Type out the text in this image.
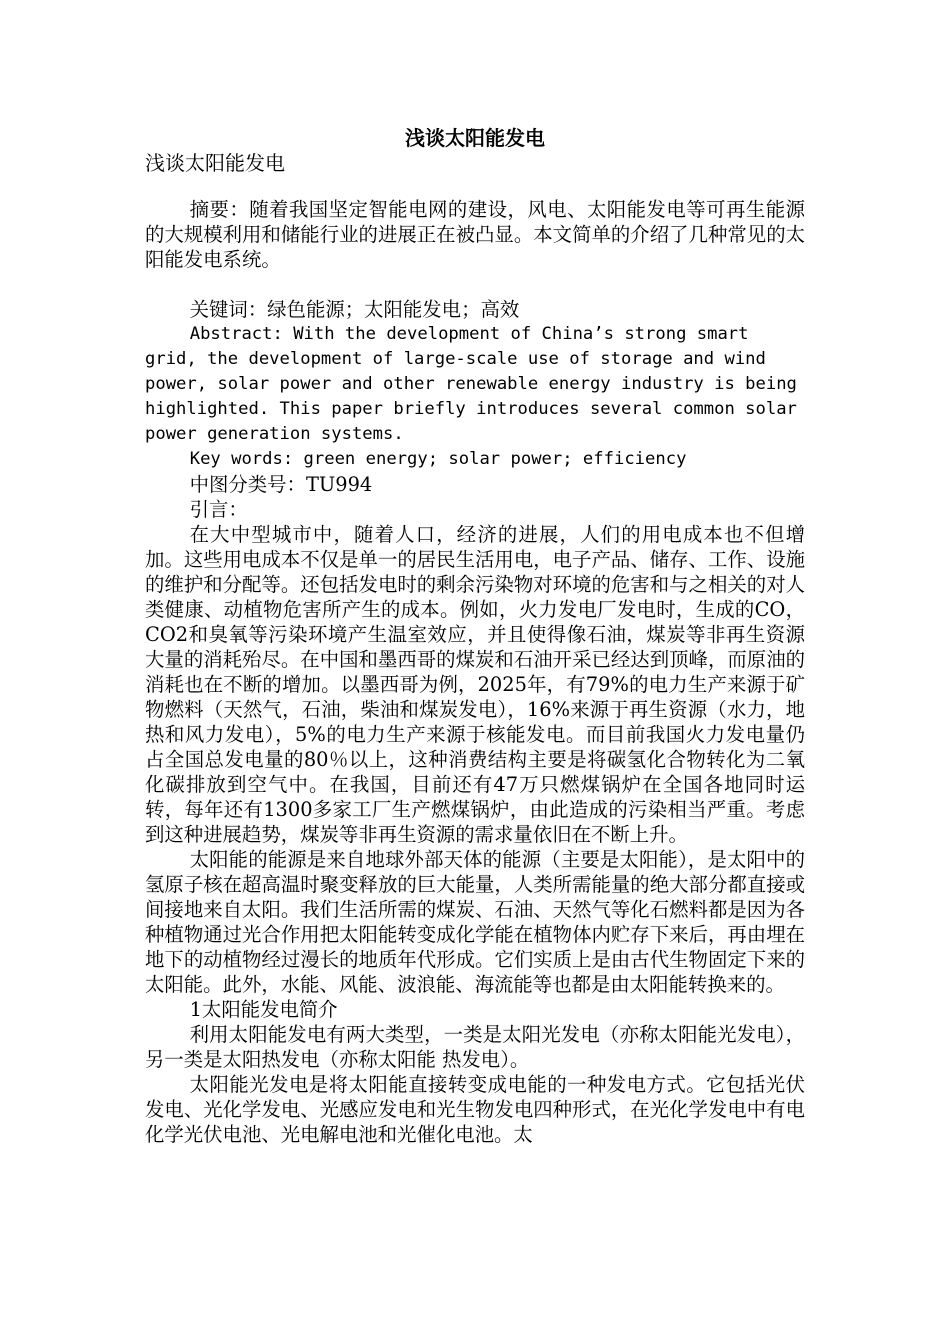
浅谈太阳能发电

浅谈太阳能发电

摘要：随着我国坚定智能电网的建设，风电、太阳能发电等可再生能源的大规模利用和储能行业的进展正在被凸显。本文简单的介绍了几种常见的太阳能发电系统。

关键词：绿色能源；太阳能发电；高效

Abstract: With the development of China’s strong smart grid, the development of large-scale use of storage and wind power, solar power and other renewable energy industry is being highlighted. This paper briefly introduces several common solar power generation systems.

Key words: green energy; solar power; efficiency

中图分类号：TU994

引言：

在大中型城市中，随着人口，经济的进展，人们的用电成本也不但增加。这些用电成本不仅是单一的居民生活用电，电子产品、储存、工作、设施的维护和分配等。还包括发电时的剩余污染物对环境的危害和与之相关的对人类健康、动植物危害所产生的成本。例如，火力发电厂发电时，生成的CO，CO2和臭氧等污染环境产生温室效应，并且使得像石油，煤炭等非再生资源大量的消耗殆尽。在中国和墨西哥的煤炭和石油开采已经达到顶峰，而原油的消耗也在不断的增加。以墨西哥为例，2025年，有79%的电力生产来源于矿物燃料（天然气，石油，柴油和煤炭发电），16%来源于再生资源（水力，地热和风力发电），5%的电力生产来源于核能发电。而目前我国火力发电量仍占全国总发电量的80％以上，这种消费结构主要是将碳氢化合物转化为二氧化碳排放到空气中。在我国，目前还有47万只燃煤锅炉在全国各地同时运转，每年还有1300多家工厂生产燃煤锅炉，由此造成的污染相当严重。考虑到这种进展趋势，煤炭等非再生资源的需求量依旧在不断上升。

太阳能的能源是来自地球外部天体的能源（主要是太阳能），是太阳中的氢原子核在超高温时聚变释放的巨大能量，人类所需能量的绝大部分都直接或间接地来自太阳。我们生活所需的煤炭、石油、天然气等化石燃料都是因为各种植物通过光合作用把太阳能转变成化学能在植物体内贮存下来后，再由埋在地下的动植物经过漫长的地质年代形成。它们实质上是由古代生物固定下来的太阳能。此外，水能、风能、波浪能、海流能等也都是由太阳能转换来的。

1太阳能发电简介

利用太阳能发电有两大类型，一类是太阳光发电（亦称太阳能光发电），另一类是太阳热发电（亦称太阳能 热发电）。

太阳能光发电是将太阳能直接转变成电能的一种发电方式。它包括光伏发电、光化学发电、光感应发电和光生物发电四种形式，在光化学发电中有电化学光伏电池、光电解电池和光催化电池。太
